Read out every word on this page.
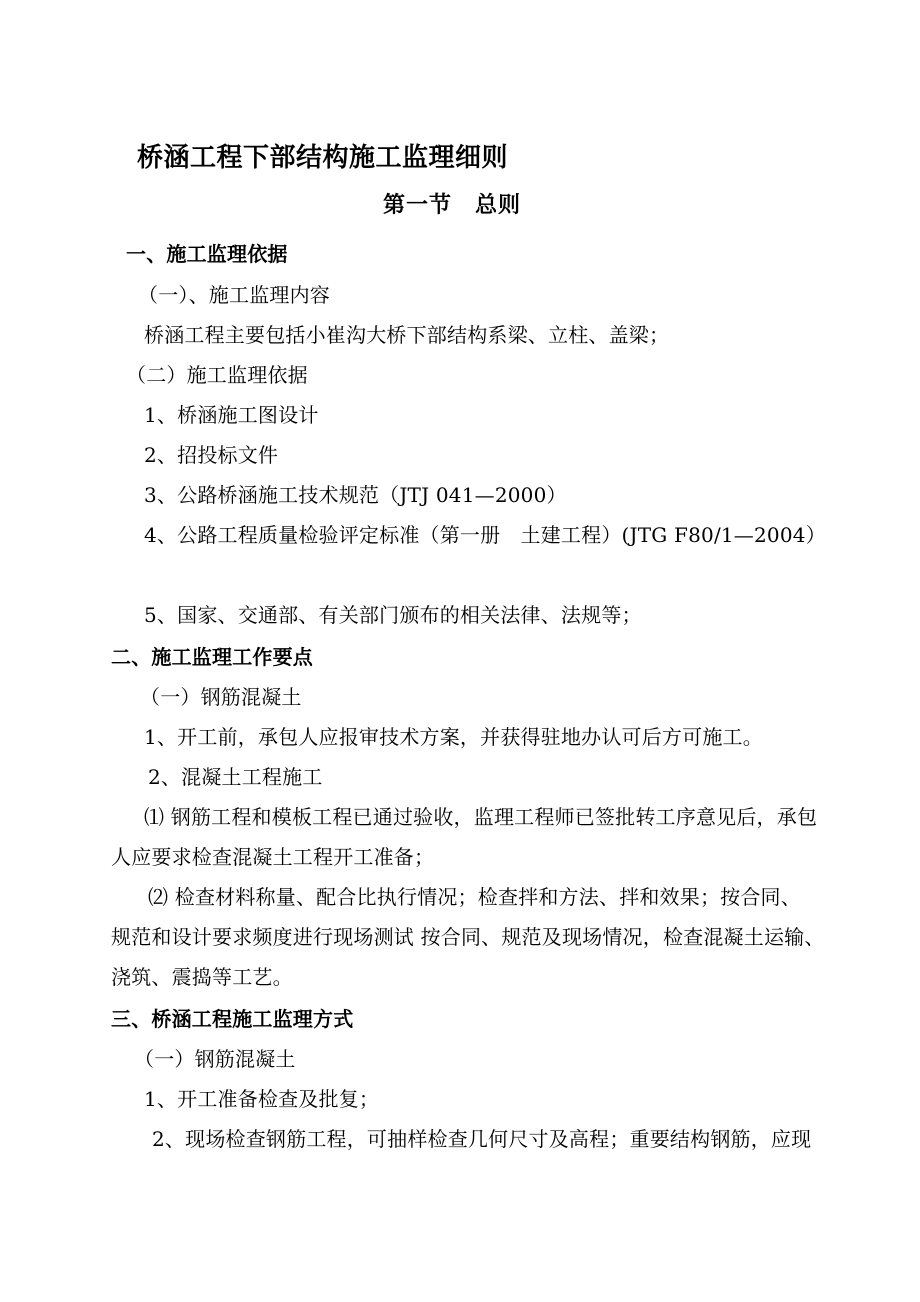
桥涵工程下部结构施工监理细则
第一节　总则
一、施工监理依据
（一）、施工监理内容
桥涵工程主要包括小崔沟大桥下部结构系梁、立柱、盖梁；
（二）施工监理依据
1、桥涵施工图设计
2、招投标文件
3、公路桥涵施工技术规范（JTJ 041—2000）
4、公路工程质量检验评定标准（第一册　土建工程）(JTG F80/1—2004）
5、国家、交通部、有关部门颁布的相关法律、法规等；
二、施工监理工作要点
（一）钢筋混凝土
1、开工前，承包人应报审技术方案，并获得驻地办认可后方可施工。
2、混凝土工程施工
⑴ 钢筋工程和模板工程已通过验收，监理工程师已签批转工序意见后，承包
人应要求检查混凝土工程开工准备；
⑵ 检查材料称量、配合比执行情况；检查拌和方法、拌和效果；按合同、
规范和设计要求频度进行现场测试 按合同、规范及现场情况，检查混凝土运输、
浇筑、震捣等工艺。
三、桥涵工程施工监理方式
（一）钢筋混凝土
1、开工准备检查及批复；
2、现场检查钢筋工程，可抽样检查几何尺寸及高程；重要结构钢筋，应现
